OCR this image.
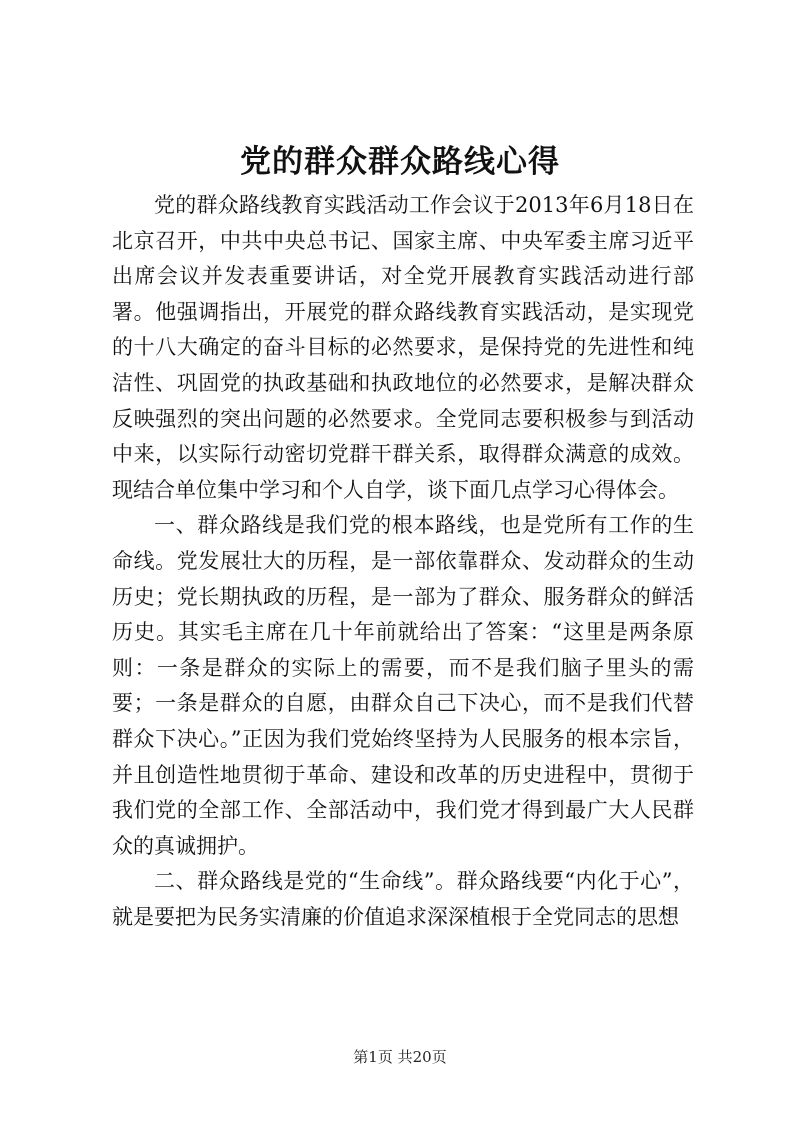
党的群众群众路线心得

党的群众路线教育实践活动工作会议于2013年6月18日在北京召开，中共中央总书记、国家主席、中央军委主席习近平出席会议并发表重要讲话，对全党开展教育实践活动进行部署。他强调指出，开展党的群众路线教育实践活动，是实现党的十八大确定的奋斗目标的必然要求，是保持党的先进性和纯洁性、巩固党的执政基础和执政地位的必然要求，是解决群众反映强烈的突出问题的必然要求。全党同志要积极参与到活动中来，以实际行动密切党群干群关系，取得群众满意的成效。现结合单位集中学习和个人自学，谈下面几点学习心得体会。

一、群众路线是我们党的根本路线，也是党所有工作的生命线。党发展壮大的历程，是一部依靠群众、发动群众的生动历史；党长期执政的历程，是一部为了群众、服务群众的鲜活历史。其实毛主席在几十年前就给出了答案：“这里是两条原则：一条是群众的实际上的需要，而不是我们脑子里头的需要；一条是群众的自愿，由群众自己下决心，而不是我们代替群众下决心。”正因为我们党始终坚持为人民服务的根本宗旨，并且创造性地贯彻于革命、建设和改革的历史进程中，贯彻于我们党的全部工作、全部活动中，我们党才得到最广大人民群众的真诚拥护。

二、群众路线是党的“生命线”。群众路线要“内化于心”，就是要把为民务实清廉的价值追求深深植根于全党同志的思想

第1页 共20页
